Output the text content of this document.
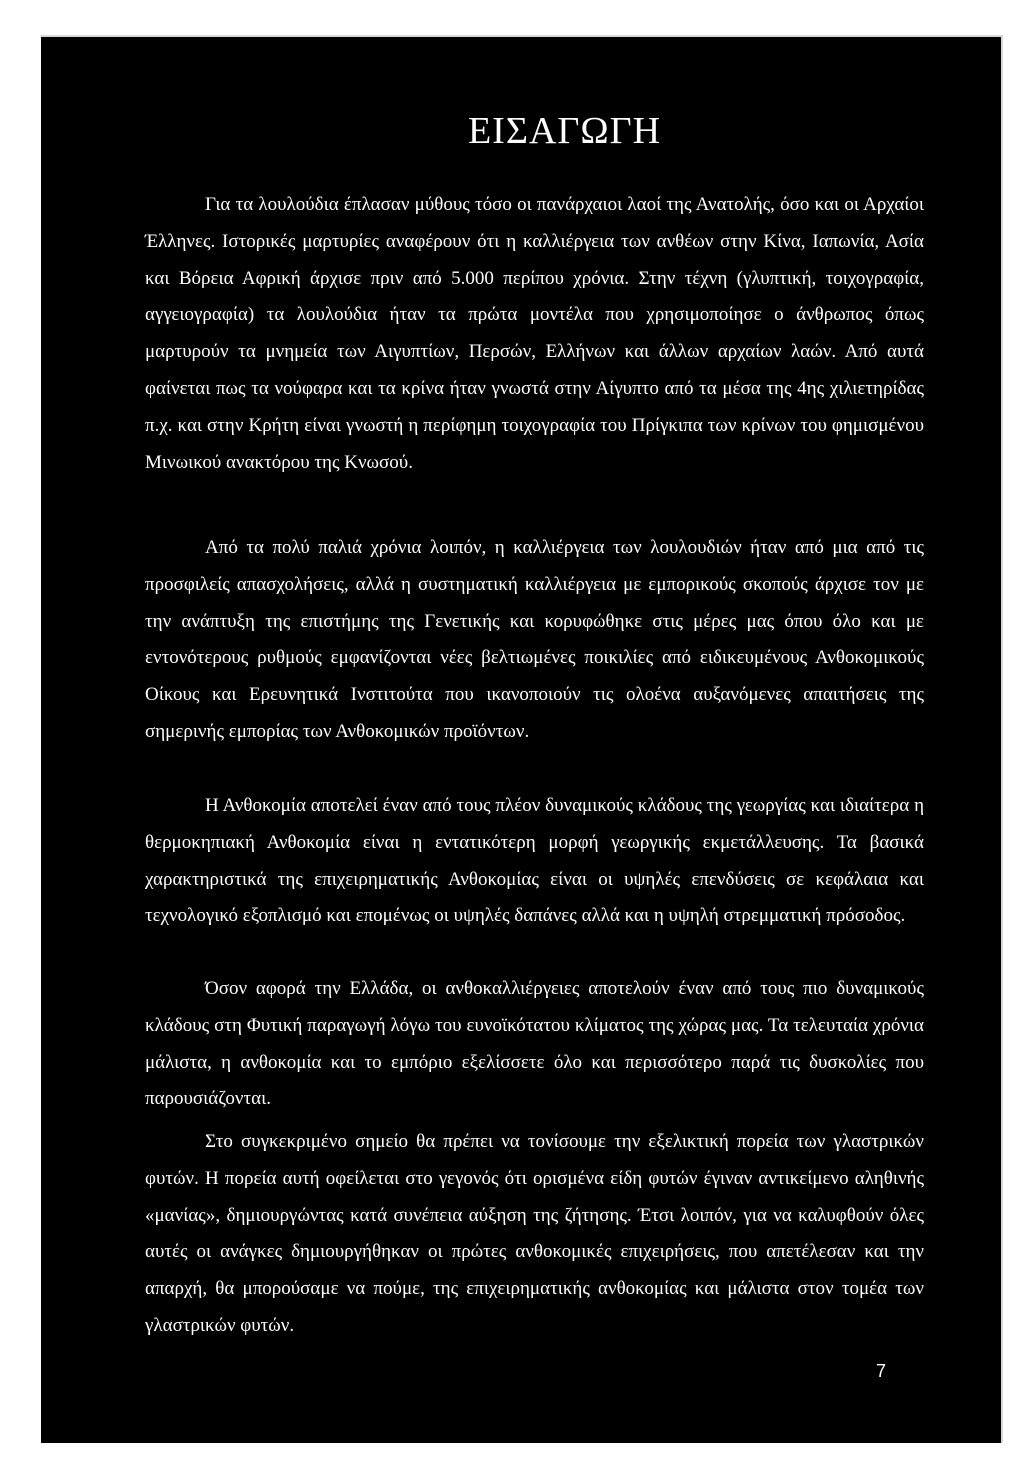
ΕΙΣΑΓΩΓΗ

Για τα λουλούδια έπλασαν μύθους τόσο οι πανάρχαιοι λαοί της Ανατολής, όσο και οι Αρχαίοι Έλληνες. Ιστορικές μαρτυρίες αναφέρουν ότι η καλλιέργεια των ανθέων στην Κίνα, Ιαπωνία, Ασία και Βόρεια Αφρική άρχισε πριν από 5.000 περίπου χρόνια. Στην τέχνη (γλυπτική, τοιχογραφία, αγγειογραφία) τα λουλούδια ήταν τα πρώτα μοντέλα που χρησιμοποίησε ο άνθρωπος όπως μαρτυρούν τα μνημεία των Αιγυπτίων, Περσών, Ελλήνων και άλλων αρχαίων λαών. Από αυτά φαίνεται πως τα νούφαρα και τα κρίνα ήταν γνωστά στην Αίγυπτο από τα μέσα της 4ης χιλιετηρίδας π.χ. και στην Κρήτη είναι γνωστή η περίφημη τοιχογραφία του Πρίγκιπα των κρίνων του φημισμένου Μινωικού ανακτόρου της Κνωσού.

Από τα πολύ παλιά χρόνια λοιπόν, η καλλιέργεια των λουλουδιών ήταν από μια από τις προσφιλείς απασχολήσεις, αλλά η συστηματική καλλιέργεια με εμπορικούς σκοπούς άρχισε τον με την ανάπτυξη της επιστήμης της Γενετικής και κορυφώθηκε στις μέρες μας όπου όλο και με εντονότερους ρυθμούς εμφανίζονται νέες βελτιωμένες ποικιλίες από ειδικευμένους Ανθοκομικούς Οίκους και Ερευνητικά Ινστιτούτα που ικανοποιούν τις ολοένα αυξανόμενες απαιτήσεις της σημερινής εμπορίας των Ανθοκομικών προϊόντων.

Η Ανθοκομία αποτελεί έναν από τους πλέον δυναμικούς κλάδους της γεωργίας και ιδιαίτερα η θερμοκηπιακή Ανθοκομία είναι η εντατικότερη μορφή γεωργικής εκμετάλλευσης. Τα βασικά χαρακτηριστικά της επιχειρηματικής Ανθοκομίας είναι οι υψηλές επενδύσεις σε κεφάλαια και τεχνολογικό εξοπλισμό και επομένως οι υψηλές δαπάνες αλλά και η υψηλή στρεμματική πρόσοδος.

Όσον αφορά την Ελλάδα, οι ανθοκαλλιέργειες αποτελούν έναν από τους πιο δυναμικούς κλάδους στη Φυτική παραγωγή λόγω του ευνοϊκότατου κλίματος της χώρας μας. Τα τελευταία χρόνια μάλιστα, η ανθοκομία και το εμπόριο εξελίσσετε όλο και περισσότερο παρά τις δυσκολίες που παρουσιάζονται.

Στο συγκεκριμένο σημείο θα πρέπει να τονίσουμε την εξελικτική πορεία των γλαστρικών φυτών. Η πορεία αυτή οφείλεται στο γεγονός ότι ορισμένα είδη φυτών έγιναν αντικείμενο αληθινής «μανίας», δημιουργώντας κατά συνέπεια αύξηση της ζήτησης. Έτσι λοιπόν, για να καλυφθούν όλες αυτές οι ανάγκες δημιουργήθηκαν οι πρώτες ανθοκομικές επιχειρήσεις, που απετέλεσαν και την απαρχή, θα μπορούσαμε να πούμε, της επιχειρηματικής ανθοκομίας και μάλιστα στον τομέα των γλαστρικών φυτών.

7
